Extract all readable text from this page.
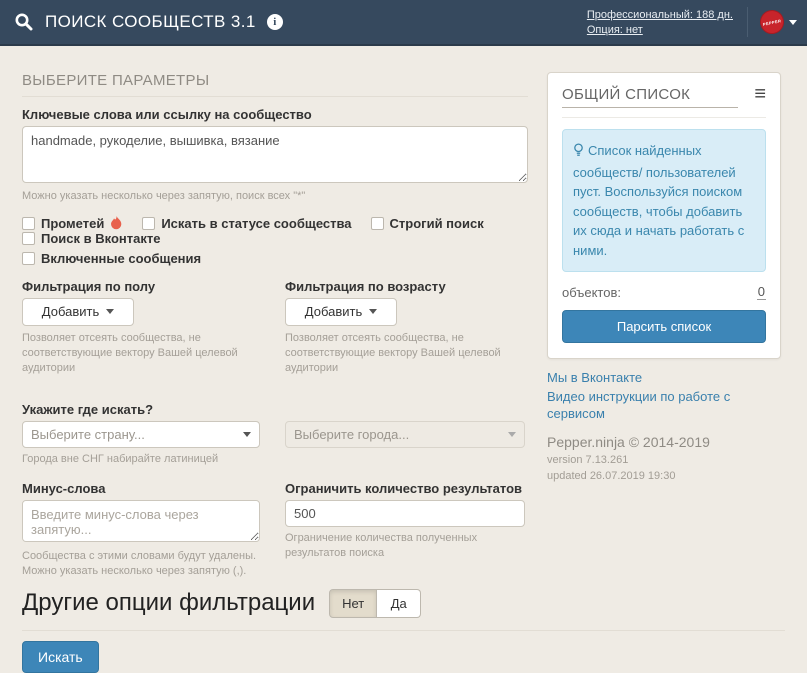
ПОИСК СООБЩЕСТВ 3.1	i
Профессиональный: 188 дн.
Опция: нет
PEPPER
ВЫБЕРИТЕ ПАРАМЕТРЫ
Ключевые слова или ссылку на сообщество
handmade, рукоделие, вышивка, вязание
Можно указать несколько через запятую, поиск всех "*"
Прометей	Искать в статусе сообщества	Строгий поиск
Поиск в Вконтакте
Включенные сообщения
Фильтрация по полу
Добавить
Позволяет отсеять сообщества, не соответствующие вектору Вашей целевой аудитории
Фильтрация по возрасту
Добавить
Позволяет отсеять сообщества, не соответствующие вектору Вашей целевой аудитории
Укажите где искать?
Выберите страну...	Выберите города...
Города вне СНГ набирайте латиницей
Минус-слова
Введите минус-слова через запятую...
Сообщества с этими словами будут удалены. Можно указать несколько через запятую (,).
Ограничить количество результатов
500
Ограничение количества полученных результатов поиска
Другие опции фильтрации	Нет	Да
Искать
ОБЩИЙ СПИСОК	≡
Список найденных сообществ/ пользователей пуст. Воспользуйся поиском сообществ, чтобы добавить их сюда и начать работать с ними.
объектов:	0
Парсить список
Мы в Вконтакте
Видео инструкции по работе с сервисом
Pepper.ninja © 2014-2019
version 7.13.261
updated 26.07.2019 19:30
